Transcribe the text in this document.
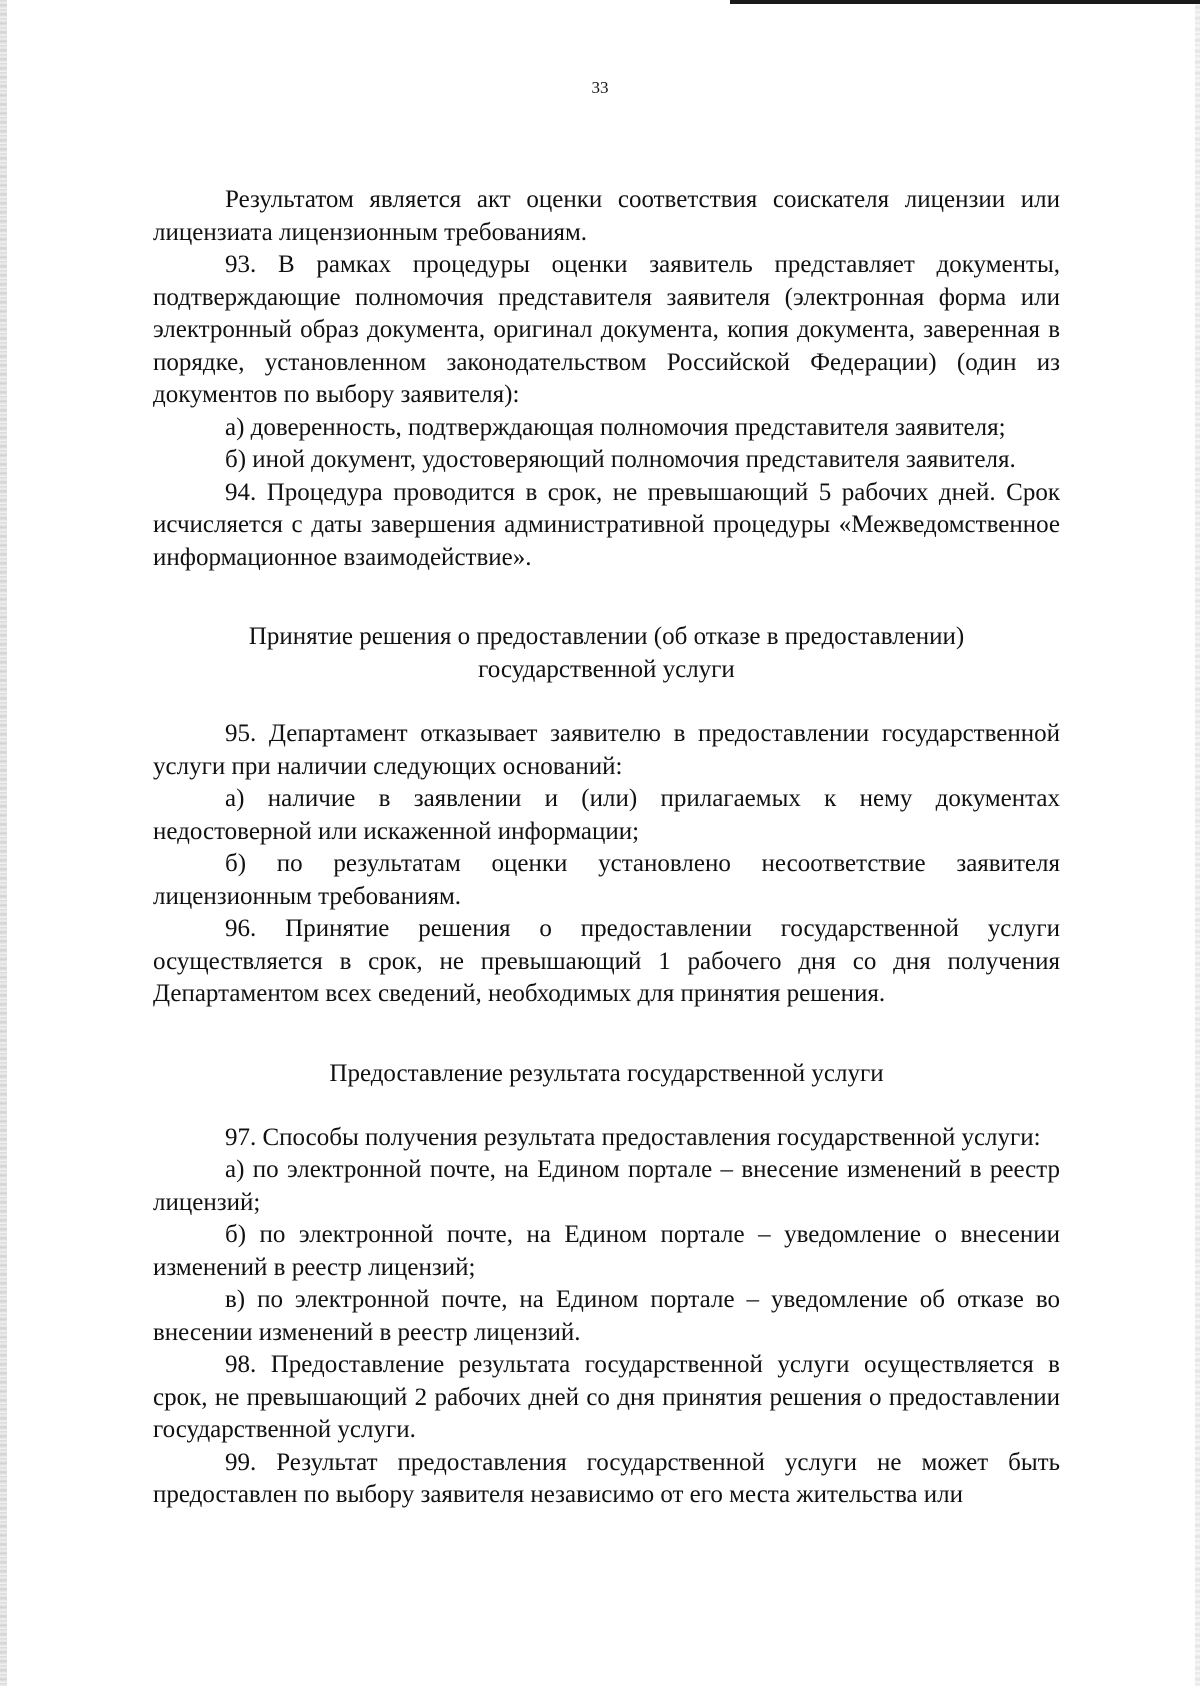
33

Результатом является акт оценки соответствия соискателя лицензии или лицензиата лицензионным требованиям.

93. В рамках процедуры оценки заявитель представляет документы, подтверждающие полномочия представителя заявителя (электронная форма или электронный образ документа, оригинал документа, копия документа, заверенная в порядке, установленном законодательством Российской Федерации) (один из документов по выбору заявителя):

а) доверенность, подтверждающая полномочия представителя заявителя;

б) иной документ, удостоверяющий полномочия представителя заявителя.

94. Процедура проводится в срок, не превышающий 5 рабочих дней. Срок исчисляется с даты завершения административной процедуры «Межведомственное информационное взаимодействие».

Принятие решения о предоставлении (об отказе в предоставлении)

государственной услуги

95. Департамент отказывает заявителю в предоставлении государственной услуги при наличии следующих оснований:

а) наличие в заявлении и (или) прилагаемых к нему документах недостоверной или искаженной информации;

б) по результатам оценки установлено несоответствие заявителя лицензионным требованиям.

96. Принятие решения о предоставлении государственной услуги осуществляется в срок, не превышающий 1 рабочего дня со дня получения Департаментом всех сведений, необходимых для принятия решения.

Предоставление результата государственной услуги

97. Способы получения результата предоставления государственной услуги:

а) по электронной почте, на Едином портале – внесение изменений в реестр лицензий;

б) по электронной почте, на Едином портале – уведомление о внесении изменений в реестр лицензий;

в) по электронной почте, на Едином портале – уведомление об отказе во внесении изменений в реестр лицензий.

98. Предоставление результата государственной услуги осуществляется в срок, не превышающий 2 рабочих дней со дня принятия решения о предоставлении государственной услуги.

99. Результат предоставления государственной услуги не может быть предоставлен по выбору заявителя независимо от его места жительства или
